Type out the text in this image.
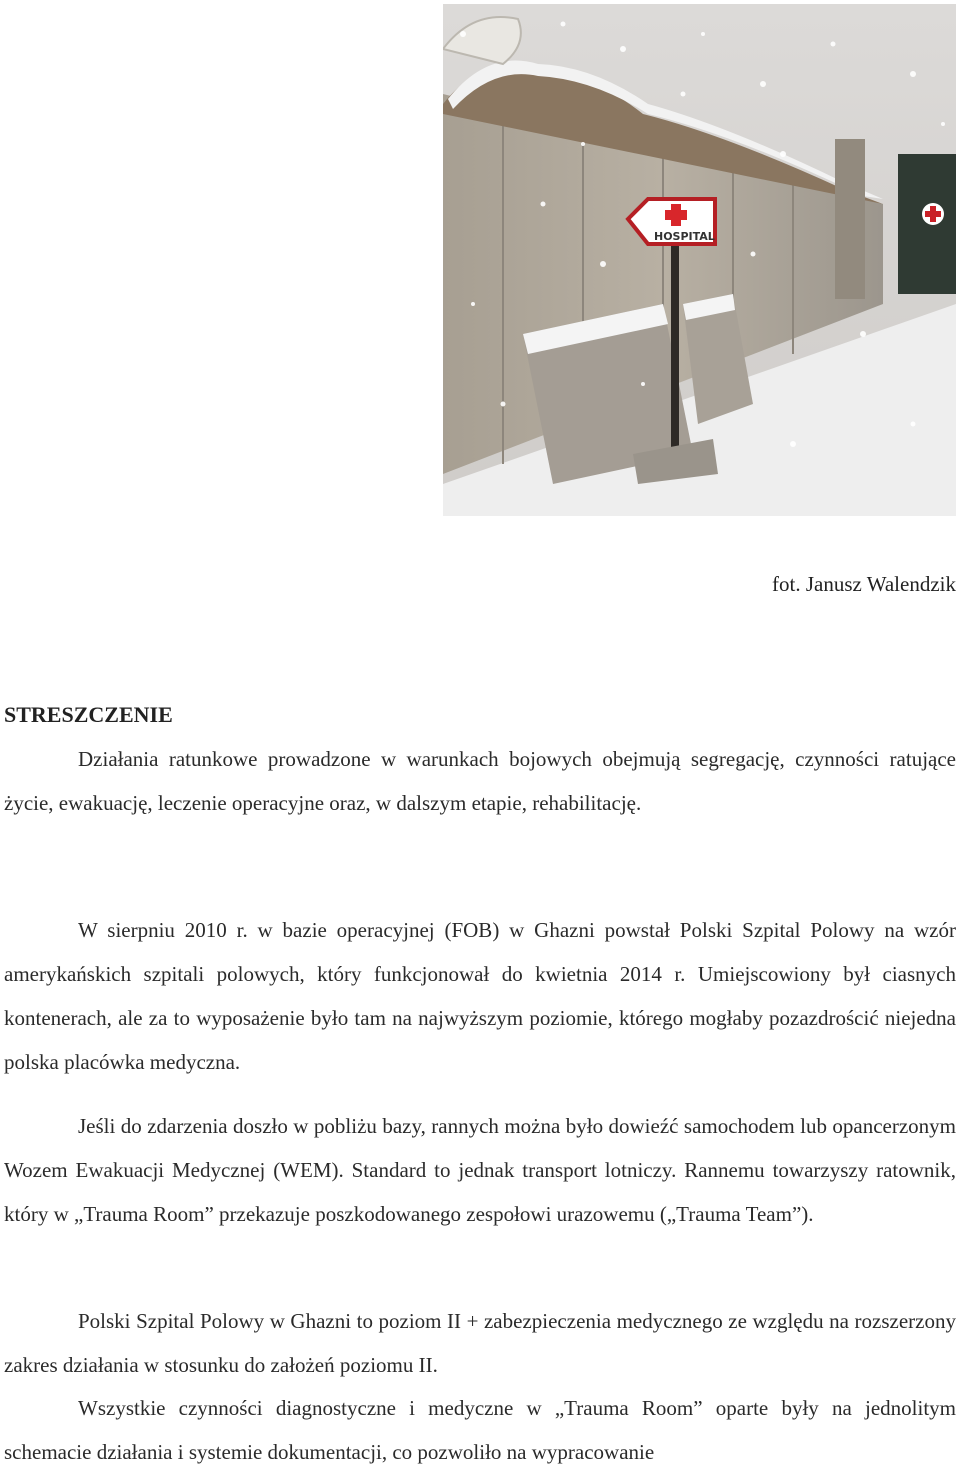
HOSPITAL
fot. Janusz Walendzik
STRESZCZENIE

Działania ratunkowe prowadzone w warunkach bojowych obejmują segregację, czynności ratujące życie, ewakuację, leczenie operacyjne oraz, w dalszym etapie, rehabilitację.

W sierpniu 2010 r. w bazie operacyjnej (FOB) w Ghazni powstał Polski Szpital Polowy na wzór amerykańskich szpitali polowych, który funkcjonował do kwietnia 2014 r. Umiejscowiony był ciasnych kontenerach, ale za to wyposażenie było tam na najwyższym poziomie, którego mogłaby pozazdrościć niejedna polska placówka medyczna.

Jeśli do zdarzenia doszło w pobliżu bazy, rannych można było dowieźć samochodem lub opancerzonym Wozem Ewakuacji Medycznej (WEM). Standard to jednak transport lotniczy. Rannemu towarzyszy ratownik, który w „Trauma Room” przekazuje poszkodowanego zespołowi urazowemu („Trauma Team”).

Polski Szpital Polowy w Ghazni to poziom II + zabezpieczenia medycznego ze względu na rozszerzony zakres działania w stosunku do założeń poziomu II.

Wszystkie czynności diagnostyczne i medyczne w „Trauma Room” oparte były na jednolitym schemacie działania i systemie dokumentacji, co pozwoliło na wypracowanie
